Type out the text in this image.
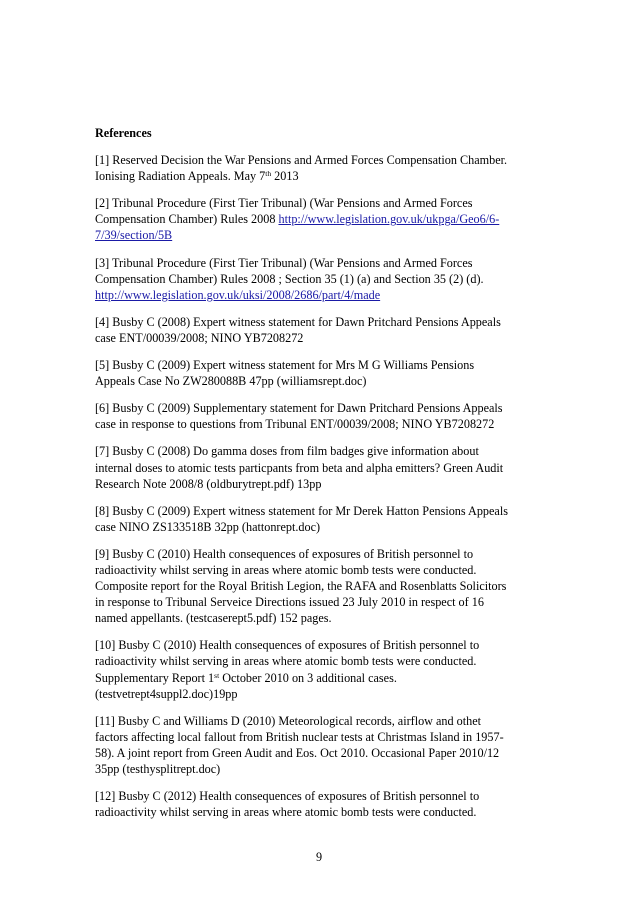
References
[1] Reserved Decision the War Pensions and Armed Forces Compensation Chamber.
Ionising Radiation Appeals. May 7th 2013
[2] Tribunal Procedure (First Tier Tribunal) (War Pensions and Armed Forces
Compensation Chamber) Rules 2008 http://www.legislation.gov.uk/ukpga/Geo6/6-
7/39/section/5B
[3] Tribunal Procedure (First Tier Tribunal) (War Pensions and Armed Forces
Compensation Chamber) Rules 2008 ; Section 35 (1) (a) and Section 35 (2) (d).
http://www.legislation.gov.uk/uksi/2008/2686/part/4/made
[4] Busby C (2008) Expert witness statement for Dawn Pritchard Pensions Appeals
case ENT/00039/2008; NINO YB7208272
[5] Busby C (2009) Expert witness statement for Mrs M G Williams Pensions
Appeals Case No ZW280088B 47pp (williamsrept.doc)
[6] Busby C (2009) Supplementary statement for Dawn Pritchard Pensions Appeals
case in response to questions from Tribunal ENT/00039/2008; NINO YB7208272
[7] Busby C (2008) Do gamma doses from film badges give information about
internal doses to atomic tests particpants from beta and alpha emitters? Green Audit
Research Note 2008/8 (oldburytrept.pdf) 13pp
[8] Busby C (2009) Expert witness statement for Mr Derek Hatton Pensions Appeals
case NINO ZS133518B 32pp (hattonrept.doc)
[9] Busby C (2010) Health consequences of exposures of British personnel to
radioactivity whilst serving in areas where atomic bomb tests were conducted.
Composite report for the Royal British Legion, the RAFA and Rosenblatts Solicitors
in response to Tribunal Serveice Directions issued 23 July 2010 in respect of 16
named appellants. (testcaserept5.pdf) 152 pages.
[10] Busby C (2010) Health consequences of exposures of British personnel to
radioactivity whilst serving in areas where atomic bomb tests were conducted.
Supplementary Report 1st October 2010 on 3 additional cases.
(testvetrept4suppl2.doc)19pp
[11] Busby C and Williams D (2010) Meteorological records, airflow and othet
factors affecting local fallout from British nuclear tests at Christmas Island in 1957-
58). A joint report from Green Audit and Eos. Oct 2010. Occasional Paper 2010/12
35pp (testhysplitrept.doc)
[12] Busby C (2012) Health consequences of exposures of British personnel to
radioactivity whilst serving in areas where atomic bomb tests were conducted.
9
